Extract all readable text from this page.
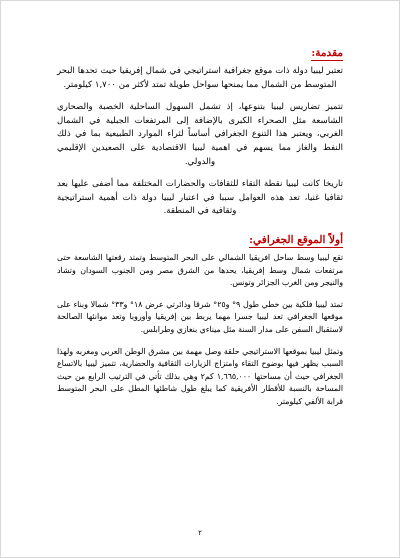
مقدمة:

تعتبر ليبيا دولة ذات موقع جغرافية استراتيجي في شمال إفريقيا حيث تحدها البحر المتوسط من الشمال مما يمنحها سواحل طويلة تمتد لأكثر من ١,٧٠٠ كيلومتر.

تتميز تضاريس ليبيا بتنوعها، إذ تشمل السهول الساحلية الخصبة والصحاري الشاسعة مثل الصحراء الكبرى بالإضافة إلى المرتفعات الجبلية في الشمال الغربي، ويعتبر هذا التنوع الجغرافي أساساً لثراء الموارد الطبيعية بما في ذلك النفط والغاز مما يسهم في اهمية ليبيا الاقتصادية على الصعيدين الإقليمي والدولي.

تاريخا كانت ليبيا نقطة التقاء للثقافات والحضارات المختلفة مما أضفى عليها بعد ثقافيا غنيا، تعد هذه العوامل سببا في اعتبار ليبيا دولة ذات أهمية استراتيجية وثقافية في المنطقة.

أولاً الموقع الجغرافي:

تقع ليبيا وسط ساحل افريقيا الشمالي على البحر المتوسط وتمتد رقعتها الشاسعة حتى مرتفعات شمال وسط إفريقيا، يحدها من الشرق مصر ومن الجنوب السودان وتشاد والنيجر ومن الغرب الجزائر وتونس.

تمتد ليبيا فلكية بين خطي طول ٩° و٢٥° شرقا ودائرتي عرض ١٨° و٣٣° شمالا وبناء على موقعها الجغرافي تعد ليبيا جسرا مهما يربط بين إفريقيا وأوروبا وتعد موانئها الصالحة لاستقبال السفن على مدار السنة مثل ميناءي بنغازي وطرابلس.

وتمثل ليبيا بموقعها الاستراتيجي حلقة وصل مهمة بين مشرق الوطن العربي ومغربه ولهذا السبب يظهر فيها بوضوح التقاء وامتزاج الزيارات الثقافية والحضارية، تتميز ليبيا بالاتساع الجغرافي حيث أن مساحتها ١,٦٦٥,٠٠٠ كم٢ وهي بذلك تأتي في الترتيب الرابع من حيث المساحة بالنسبة للأقطار الأفريقية كما يبلغ طول شاطئها المطل على البحر المتوسط قرابة الألفي كيلومتر.

٢
